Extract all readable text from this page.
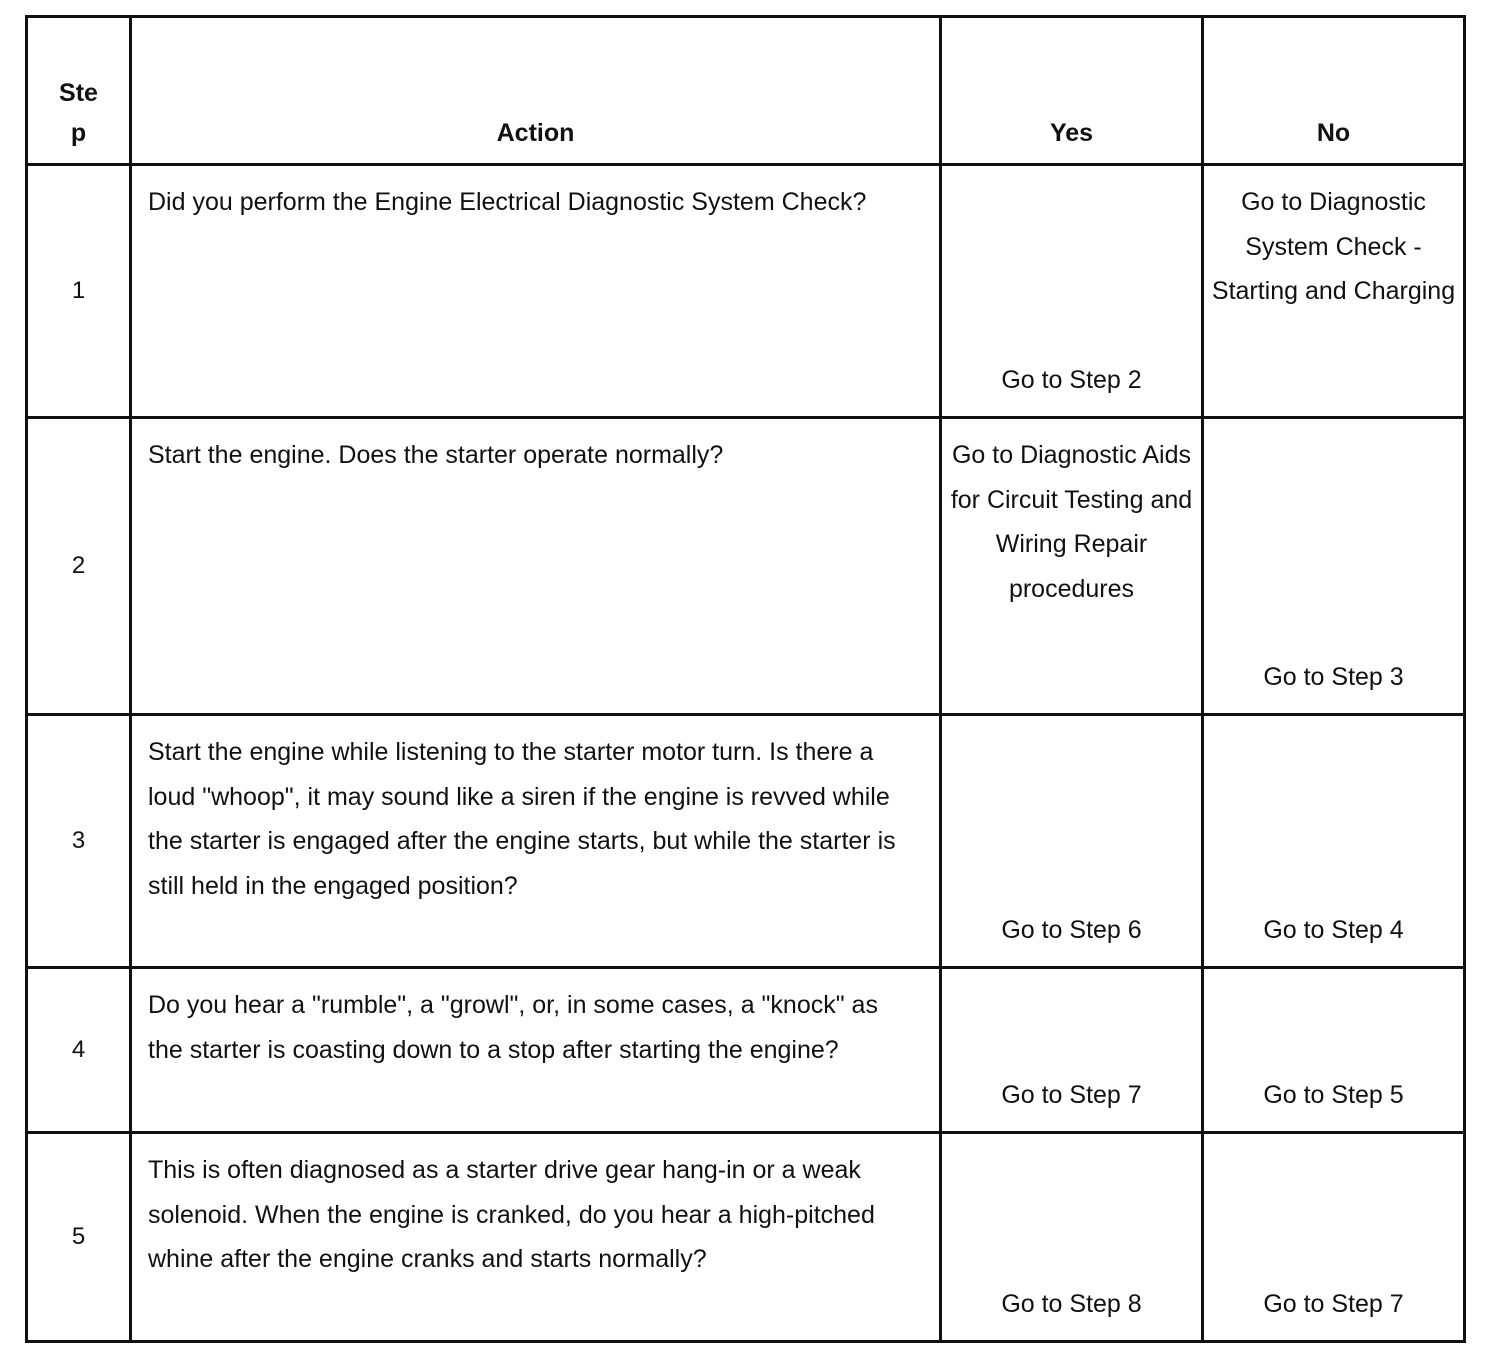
Step	Action	Yes	No
1	Did you perform the Engine Electrical Diagnostic System Check?	Go to Step 2	Go to Diagnostic System Check - Starting and Charging
2	Start the engine. Does the starter operate normally?	Go to Diagnostic Aids for Circuit Testing and Wiring Repair procedures	Go to Step 3
3	Start the engine while listening to the starter motor turn. Is there a loud "whoop", it may sound like a siren if the engine is revved while the starter is engaged after the engine starts, but while the starter is still held in the engaged position?	Go to Step 6	Go to Step 4
4	Do you hear a "rumble", a "growl", or, in some cases, a "knock" as the starter is coasting down to a stop after starting the engine?	Go to Step 7	Go to Step 5
5	This is often diagnosed as a starter drive gear hang-in or a weak solenoid. When the engine is cranked, do you hear a high-pitched whine after the engine cranks and starts normally?	Go to Step 8	Go to Step 7
